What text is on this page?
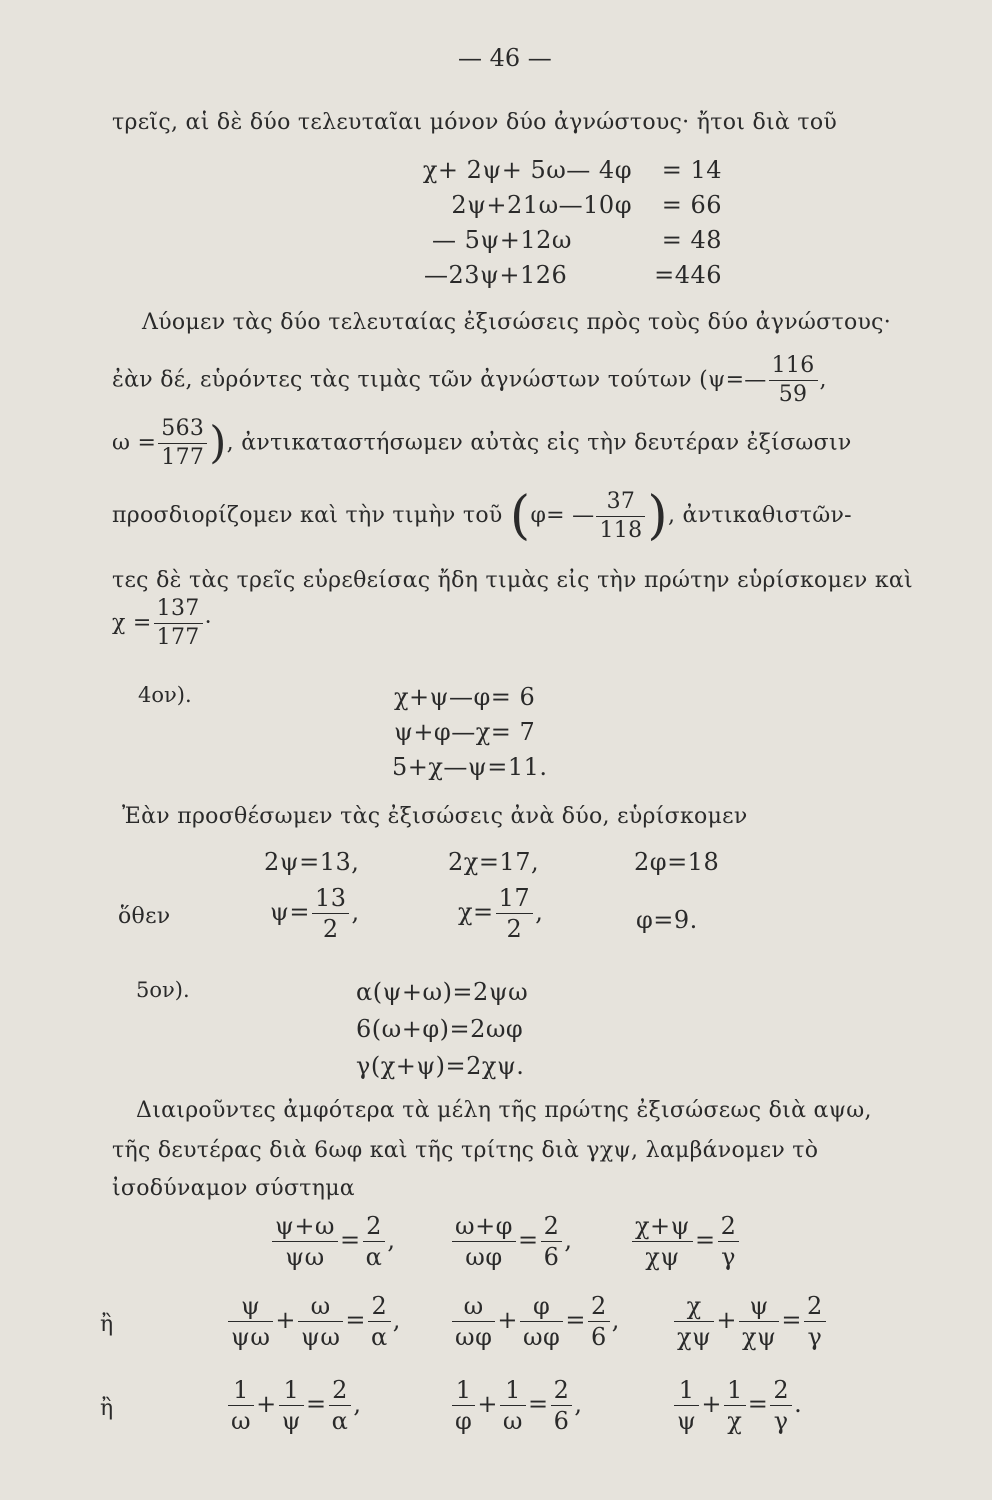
— 46 —
τρεῖς, αἱ δὲ δύο τελευταῖαι μόνον δύο ἀγνώστους· ἤτοι διὰ τοῦ
χ+ 2ψ+ 5ω— 4φ	= 14
2ψ+21ω—10φ	= 66
— 5ψ+12ω	= 48
—23ψ+126	=446
Λύομεν τὰς δύο τελευταίας ἐξισώσεις πρὸς τοὺς δύο ἀγνώστους·
ἐὰν δέ, εὑρόντες τὰς τιμὰς τῶν ἀγνώστων τούτων (ψ=— $\frac{116}{59}$ ,
$\omega = \frac{563}{177}$ ), ἀντικαταστήσωμεν αὐτὰς εἰς τὴν δευτέραν ἐξίσωσιν
προσδιορίζομεν καὶ τὴν τιμὴν τοῦ (φ= — $\frac{37}{118}$ ), ἀντικαθιστῶν-
τες δὲ τὰς τρεῖς εὑρεθείσας ἤδη τιμὰς εἰς τὴν πρώτην εὑρίσκομεν καὶ
$\chi = \frac{137}{177}$ ·
4ον).	χ+ψ—φ= 6
ψ+φ—χ= 7
5+χ—ψ=11.
Ἐὰν προσθέσωμεν τὰς ἐξισώσεις ἀνὰ δύο, εὑρίσκομεν
2ψ=13,	2χ=17,	2φ=18
ὅθεν	$\psi= \frac{13}{2}$ ,	$\chi= \frac{17}{2}$ ,	φ=9.
5ον).	α(ψ+ω)=2ψω
6(ω+φ)=2ωφ
γ(χ+ψ)=2χψ.
Διαιροῦντες ἀμφότερα τὰ μέλη τῆς πρώτης ἐξισώσεως διὰ αψω,
τῆς δευτέρας διὰ 6ωφ καὶ τῆς τρίτης διὰ γχψ, λαμβάνομεν τὸ
ἰσοδύναμον σύστημα
$\frac{\psi+\omega}{\psi\omega} = \frac{2}{\alpha}$ , $\frac{\omega+\varphi}{\omega\varphi} = \frac{2}{6}$ , $\frac{\chi+\psi}{\chi\psi} = \frac{2}{\gamma}$
ἢ	$\frac{\psi}{\psi\omega} + \frac{\omega}{\psi\omega} = \frac{2}{\alpha}$ , $\frac{\omega}{\omega\varphi} + \frac{\varphi}{\omega\varphi} = \frac{2}{6}$ , $\frac{\chi}{\chi\psi} + \frac{\psi}{\chi\psi} = \frac{2}{\gamma}$
ἢ	$\frac{1}{\omega} + \frac{1}{\psi} = \frac{2}{\alpha}$ ,	$\frac{1}{\varphi} + \frac{1}{\omega} = \frac{2}{6}$ ,	$\frac{1}{\psi} + \frac{1}{\chi} = \frac{2}{\gamma}$ .
